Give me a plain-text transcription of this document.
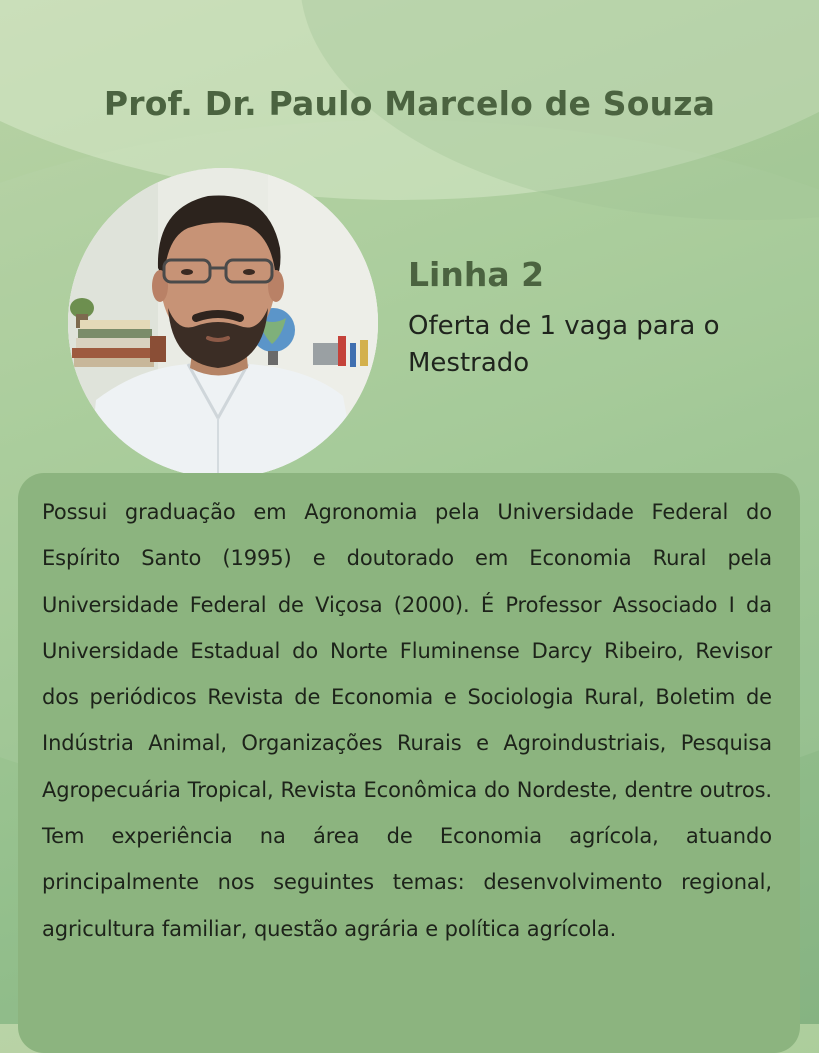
Prof. Dr. Paulo Marcelo de Souza
Linha 2

Oferta de 1 vaga para o Mestrado

Possui graduação em Agronomia pela Universidade Federal do Espírito Santo (1995) e doutorado em Economia Rural pela Universidade Federal de Viçosa (2000). É Professor Associado I da Universidade Estadual do Norte Fluminense Darcy Ribeiro, Revisor dos periódicos Revista de Economia e Sociologia Rural, Boletim de Indústria Animal, Organizações Rurais e Agroindustriais, Pesquisa Agropecuária Tropical, Revista Econômica do Nordeste, dentre outros. Tem experiência na área de Economia agrícola, atuando principalmente nos seguintes temas: desenvolvimento regional, agricultura familiar, questão agrária e política agrícola.
